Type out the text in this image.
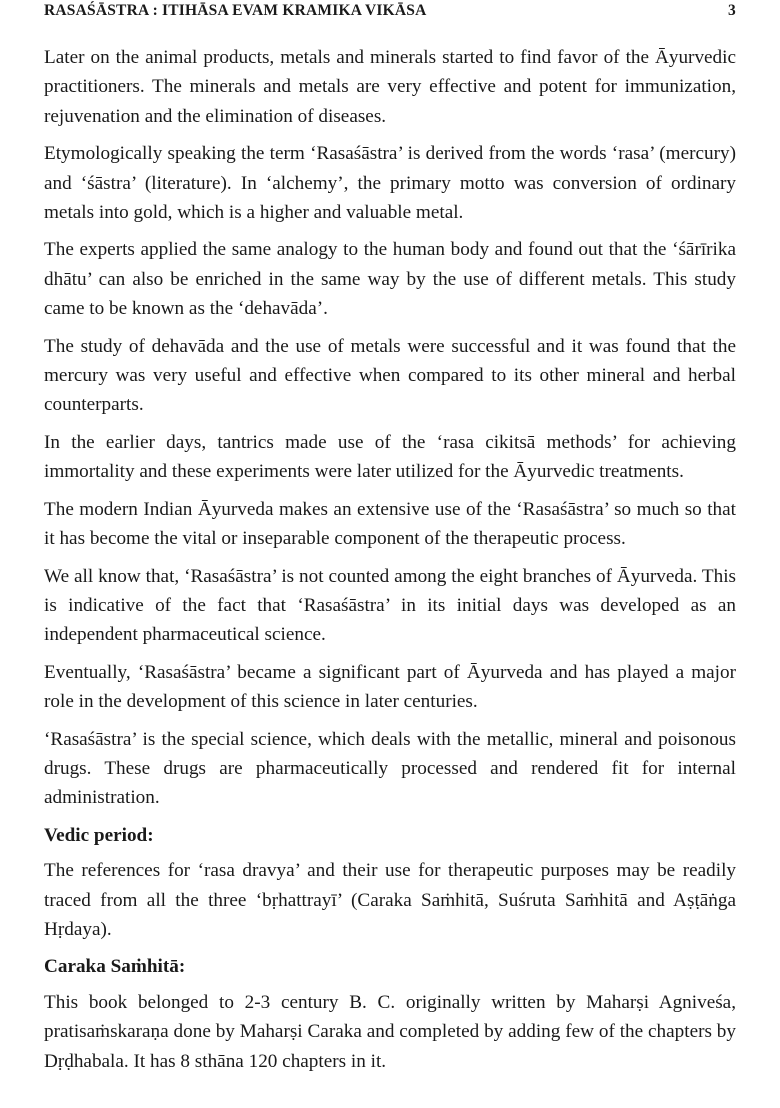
RASAŚĀSTRA : ITIHĀSA EVAM KRAMIKA VIKĀSA	3

Later on the animal products, metals and minerals started to find favor of the Āyurvedic practitioners. The minerals and metals are very effective and potent for immunization, rejuvenation and the elimination of diseases.

Etymologically speaking the term ‘Rasaśāstra’ is derived from the words ‘rasa’ (mercury) and ‘śāstra’ (literature). In ‘alchemy’, the primary motto was conversion of ordinary metals into gold, which is a higher and valuable metal.

The experts applied the same analogy to the human body and found out that the ‘śārīrika dhātu’ can also be enriched in the same way by the use of different metals. This study came to be known as the ‘dehavāda’.

The study of dehavāda and the use of metals were successful and it was found that the mercury was very useful and effective when compared to its other mineral and herbal counterparts.

In the earlier days, tantrics made use of the ‘rasa cikitsā methods’ for achieving immortality and these experiments were later utilized for the Āyurvedic treatments.

The modern Indian Āyurveda makes an extensive use of the ‘Rasaśāstra’ so much so that it has become the vital or inseparable component of the therapeutic process.

We all know that, ‘Rasaśāstra’ is not counted among the eight branches of Āyurveda. This is indicative of the fact that ‘Rasaśāstra’ in its initial days was developed as an independent pharmaceutical science.

Eventually, ‘Rasaśāstra’ became a significant part of Āyurveda and has played a major role in the development of this science in later centuries.

‘Rasaśāstra’ is the special science, which deals with the metallic, mineral and poisonous drugs. These drugs are pharmaceutically processed and rendered fit for internal administration.

Vedic period:

The references for ‘rasa dravya’ and their use for therapeutic purposes may be readily traced from all the three ‘bṛhattrayī’ (Caraka Saṁhitā, Suśruta Saṁhitā and Aṣṭāṅga Hṛdaya).

Caraka Saṁhitā:

This book belonged to 2-3 century B. C. originally written by Maharṣi Agniveśa, pratisaṁskaraṇa done by Maharṣi Caraka and completed by adding few of the chapters by Dṛḍhabala. It has 8 sthāna 120 chapters in it.
